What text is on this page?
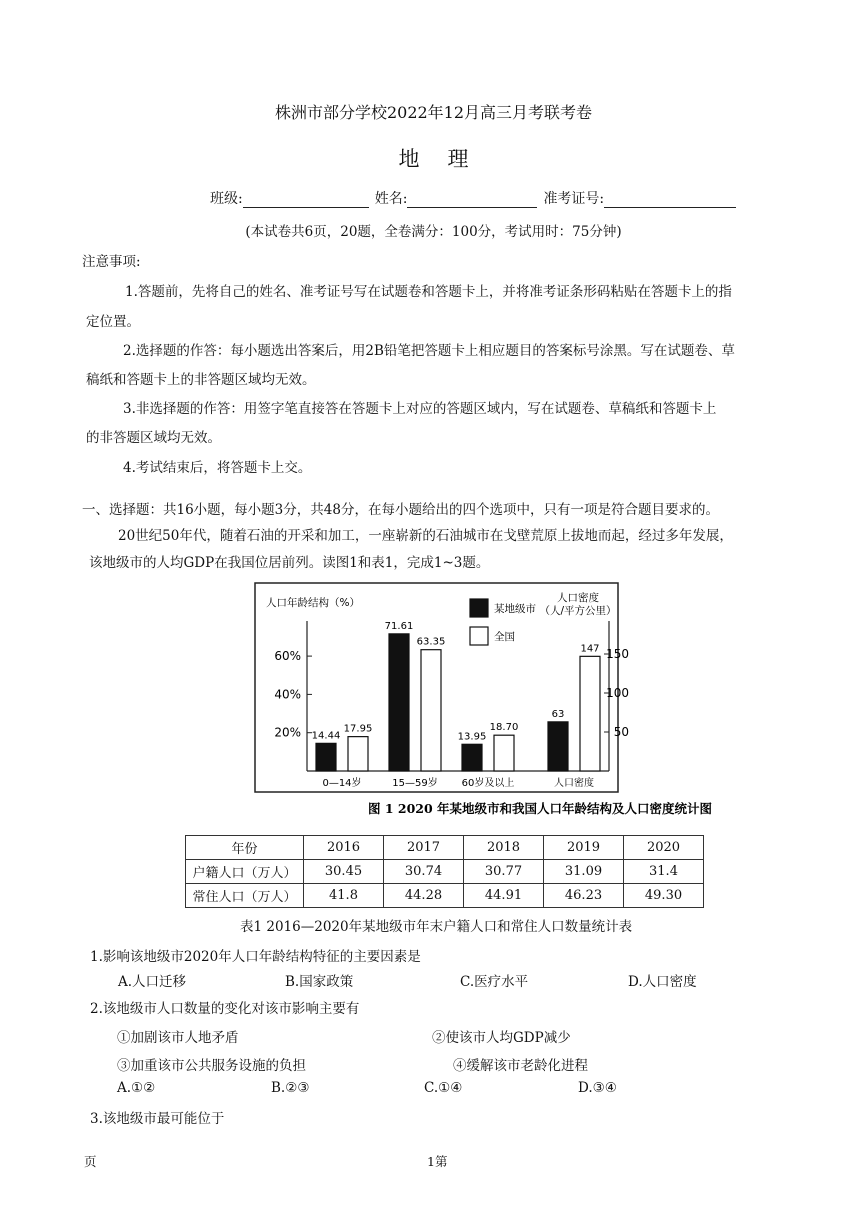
株洲市部分学校2022年12月高三月考联考卷
地理
班级:	姓名:	准考证号:
(本试卷共6页，20题，全卷满分：100分，考试用时：75分钟)
注意事项:
1.答题前，先将自己的姓名、准考证号写在试题卷和答题卡上，并将准考证条形码粘贴在答题卡上的指
定位置。
2.选择题的作答：每小题选出答案后，用2B铅笔把答题卡上相应题目的答案标号涂黑。写在试题卷、草
稿纸和答题卡上的非答题区域均无效。
3.非选择题的作答：用签字笔直接答在答题卡上对应的答题区域内，写在试题卷、草稿纸和答题卡上
的非答题区域均无效。
4.考试结束后，将答题卡上交。
一、选择题：共16小题，每小题3分，共48分，在每小题给出的四个选项中，只有一项是符合题目要求的。
20世纪50年代，随着石油的开采和加工，一座崭新的石油城市在戈壁荒原上拔地而起，经过多年发展，
该地级市的人均GDP在我国位居前列。读图1和表1，完成1~3题。
人口年龄结构（%）	人口密度
（人/平方公里）
20%
40%
60%
50
100
150
14.44
17.95
0—14岁
71.61
63.35
15—59岁
13.95
18.70
60岁及以上
63
147
人口密度
某地级市
全国
图 1 2020 年某地级市和我国人口年龄结构及人口密度统计图
年份	2016	2017	2018	2019	2020
户籍人口（万人）	30.45	30.74	30.77	31.09	31.4
常住人口（万人）	41.8	44.28	44.91	46.23	49.30
表1 2016—2020年某地级市年末户籍人口和常住人口数量统计表
1.影响该地级市2020年人口年龄结构特征的主要因素是
A.人口迁移	B.国家政策	C.医疗水平	D.人口密度
2.该地级市人口数量的变化对该市影响主要有
①加剧该市人地矛盾	②使该市人均GDP减少
③加重该市公共服务设施的负担	④缓解该市老龄化进程
A.①②	B.②③	C.①④	D.③④
3.该地级市最可能位于
页	1第
